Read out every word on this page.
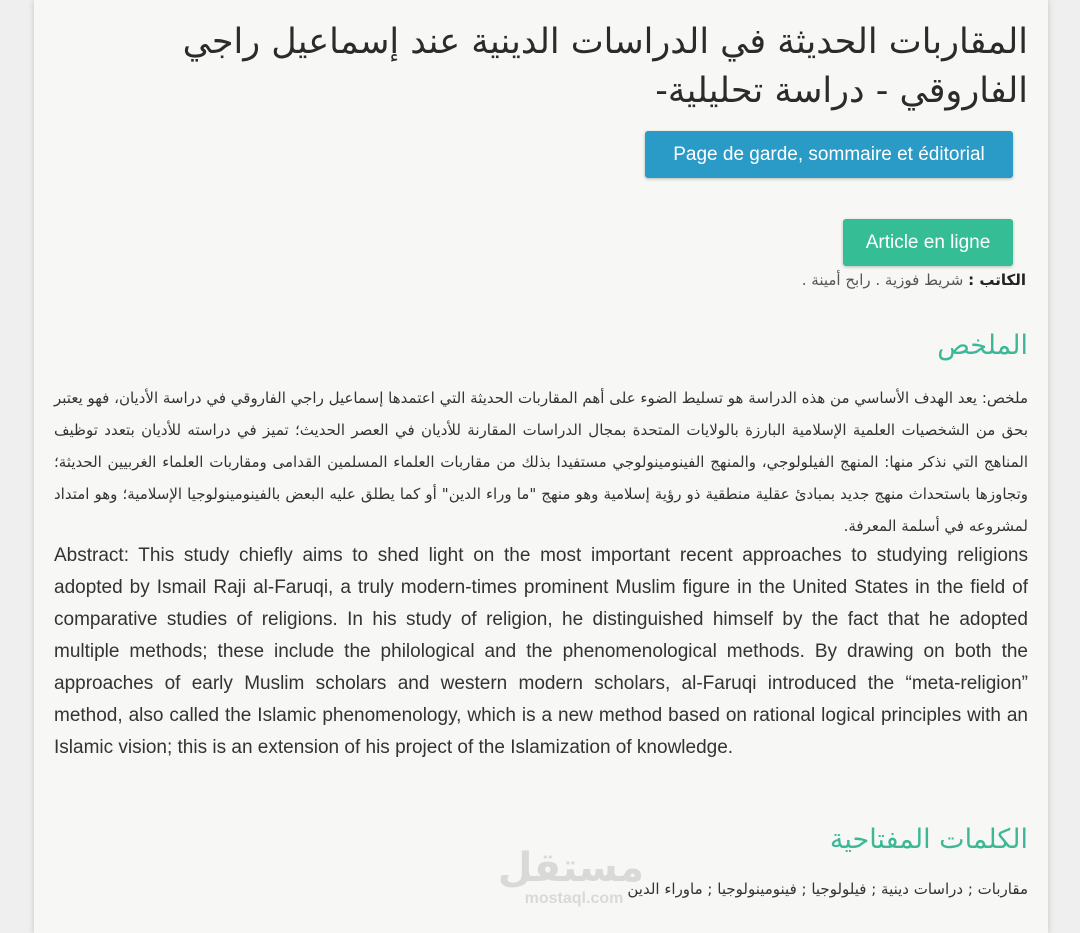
المقاربات الحديثة في الدراسات الدينية عند إسماعيل راجي الفاروقي - دراسة تحليلية-
Page de garde, sommaire et éditorial
Article en ligne
الكاتب : شريط فوزية . رابح أمينة .
الملخص

ملخص: يعد الهدف الأساسي من هذه الدراسة هو تسليط الضوء على أهم المقاربات الحديثة التي اعتمدها إسماعيل راجي الفاروقي في دراسة الأديان، فهو يعتبر بحق من الشخصيات العلمية الإسلامية البارزة بالولايات المتحدة بمجال الدراسات المقارنة للأديان في العصر الحديث؛ تميز في دراسته للأديان بتعدد توظيف المناهج التي نذكر منها: المنهج الفيلولوجي، والمنهج الفينومينولوجي مستفيدا بذلك من مقاربات العلماء المسلمين القدامى ومقاربات العلماء الغربيين الحديثة؛ وتجاوزها باستحداث منهج جديد بمبادئ عقلية منطقية ذو رؤية إسلامية وهو منهج "ما وراء الدين" أو كما يطلق عليه البعض بالفينومينولوجيا الإسلامية؛ وهو امتداد لمشروعه في أسلمة المعرفة.

Abstract: This study chiefly aims to shed light on the most important recent approaches to studying religions adopted by Ismail Raji al-Faruqi, a truly modern-times prominent Muslim figure in the United States in the field of comparative studies of religions. In his study of religion, he distinguished himself by the fact that he adopted multiple methods; these include the philological and the phenomenological methods. By drawing on both the approaches of early Muslim scholars and western modern scholars, al-Faruqi introduced the “meta-religion” method, also called the Islamic phenomenology, which is a new method based on rational logical principles with an Islamic vision; this is an extension of his project of the Islamization of knowledge.

الكلمات المفتاحية
مقاربات ; دراسات دينية ; فيلولوجيا ; فينومينولوجيا ; ماوراء الدين
مستقل
mostaql.com
